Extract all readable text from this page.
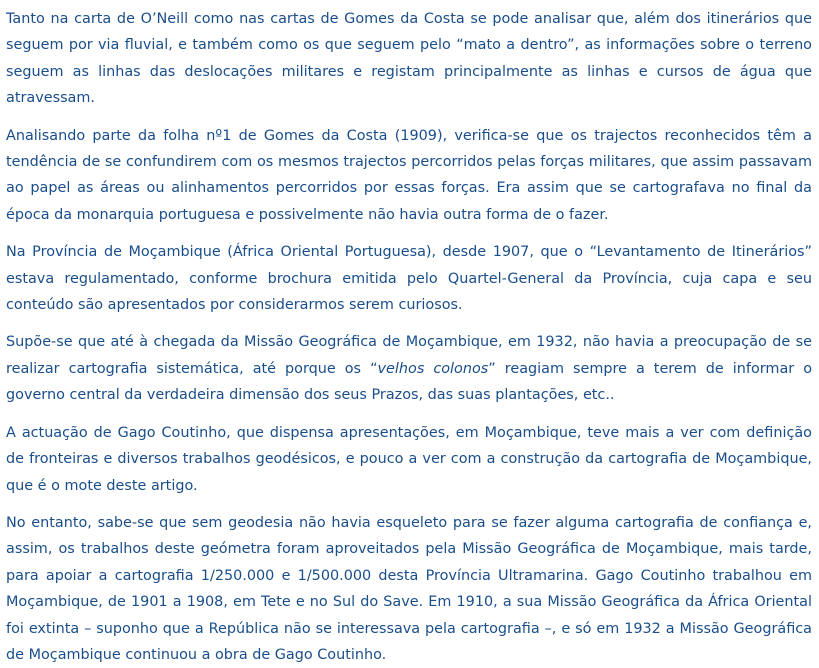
Tanto na carta de O’Neill como nas cartas de Gomes da Costa se pode analisar que, além dos itinerários que seguem por via fluvial, e também como os que seguem pelo “mato a dentro”, as informações sobre o terreno seguem as linhas das deslocações militares e registam principalmente as linhas e cursos de água que atravessam.

Analisando parte da folha nº1 de Gomes da Costa (1909), verifica-se que os trajectos reconhecidos têm a tendência de se confundirem com os mesmos trajectos percorridos pelas forças militares, que assim passavam ao papel as áreas ou alinhamentos percorridos por essas forças. Era assim que se cartografava no final da época da monarquia portuguesa e possivelmente não havia outra forma de o fazer.

Na Província de Moçambique (África Oriental Portuguesa), desde 1907, que o “Levantamento de Itinerários” estava regulamentado, conforme brochura emitida pelo Quartel-General da Província, cuja capa e seu conteúdo são apresentados por considerarmos serem curiosos.

Supõe-se que até à chegada da Missão Geográfica de Moçambique, em 1932, não havia a preocupação de se realizar cartografia sistemática, até porque os “velhos colonos” reagiam sempre a terem de informar o governo central da verdadeira dimensão dos seus Prazos, das suas plantações, etc..

A actuação de Gago Coutinho, que dispensa apresentações, em Moçambique, teve mais a ver com definição de fronteiras e diversos trabalhos geodésicos, e pouco a ver com a construção da cartografia de Moçambique, que é o mote deste artigo.

No entanto, sabe-se que sem geodesia não havia esqueleto para se fazer alguma cartografia de confiança e, assim, os trabalhos deste geómetra foram aproveitados pela Missão Geográfica de Moçambique, mais tarde, para apoiar a cartografia 1/250.000 e 1/500.000 desta Província Ultramarina. Gago Coutinho trabalhou em Moçambique, de 1901 a 1908, em Tete e no Sul do Save. Em 1910, a sua Missão Geográfica da África Oriental foi extinta – suponho que a República não se interessava pela cartografia –, e só em 1932 a Missão Geográfica de Moçambique continuou a obra de Gago Coutinho.
